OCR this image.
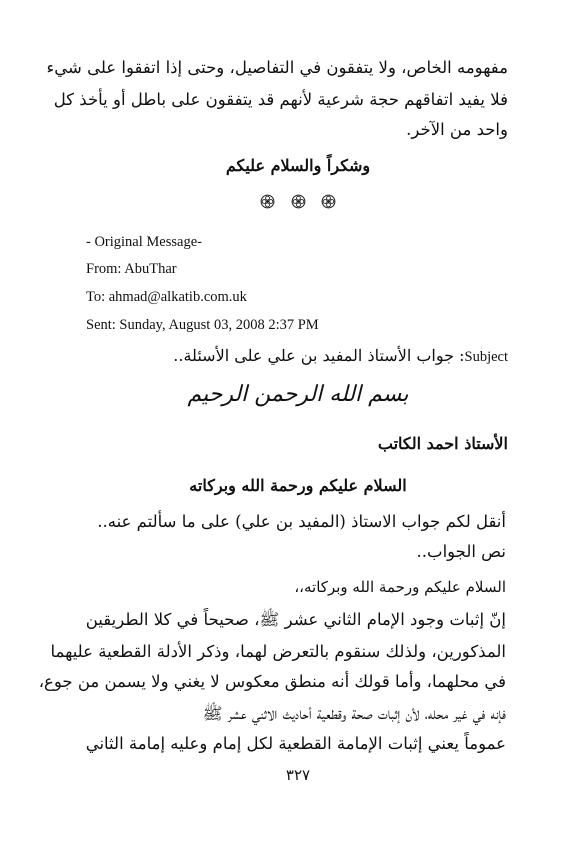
مفهومه الخاص، ولا يتفقون في التفاصيل، وحتى إذا اتفقوا على شيء
فلا يفيد اتفاقهم حجة شرعية لأنهم قد يتفقون على باطل أو يأخذ كل
واحد من الآخر.
وشكراً والسلام عليكم

- Original Message-
From: AbuThar
To: ahmad@alkatib.com.uk
Sent: Sunday, August 03, 2008 2:37 PM
Subject: جواب الأستاذ المفيد بن علي على الأسئلة..
بسم الله الرحمن الرحيم
الأستاذ احمد الكاتب
السلام عليكم ورحمة الله وبركاته
أنقل لكم جواب الاستاذ (المفيد بن علي) على ما سألتم عنه..
نص الجواب..
السلام عليكم ورحمة الله وبركاته،،
إنّ إثبات وجود الإمام الثاني عشر ﷺ، صحيحاً في كلا الطريقين
المذكورين، ولذلك سنقوم بالتعرض لهما، وذكر الأدلة القطعية عليهما
في محلهما، وأما قولك أنه منطق معكوس لا يغني ولا يسمن من جوع،
فإنه في غير محله، لأن إثبات صحة وقطعية أحاديث الاثني عشر ﷺ
عموماً يعني إثبات الإمامة القطعية لكل إمام وعليه إمامة الثاني
٣٢٧
